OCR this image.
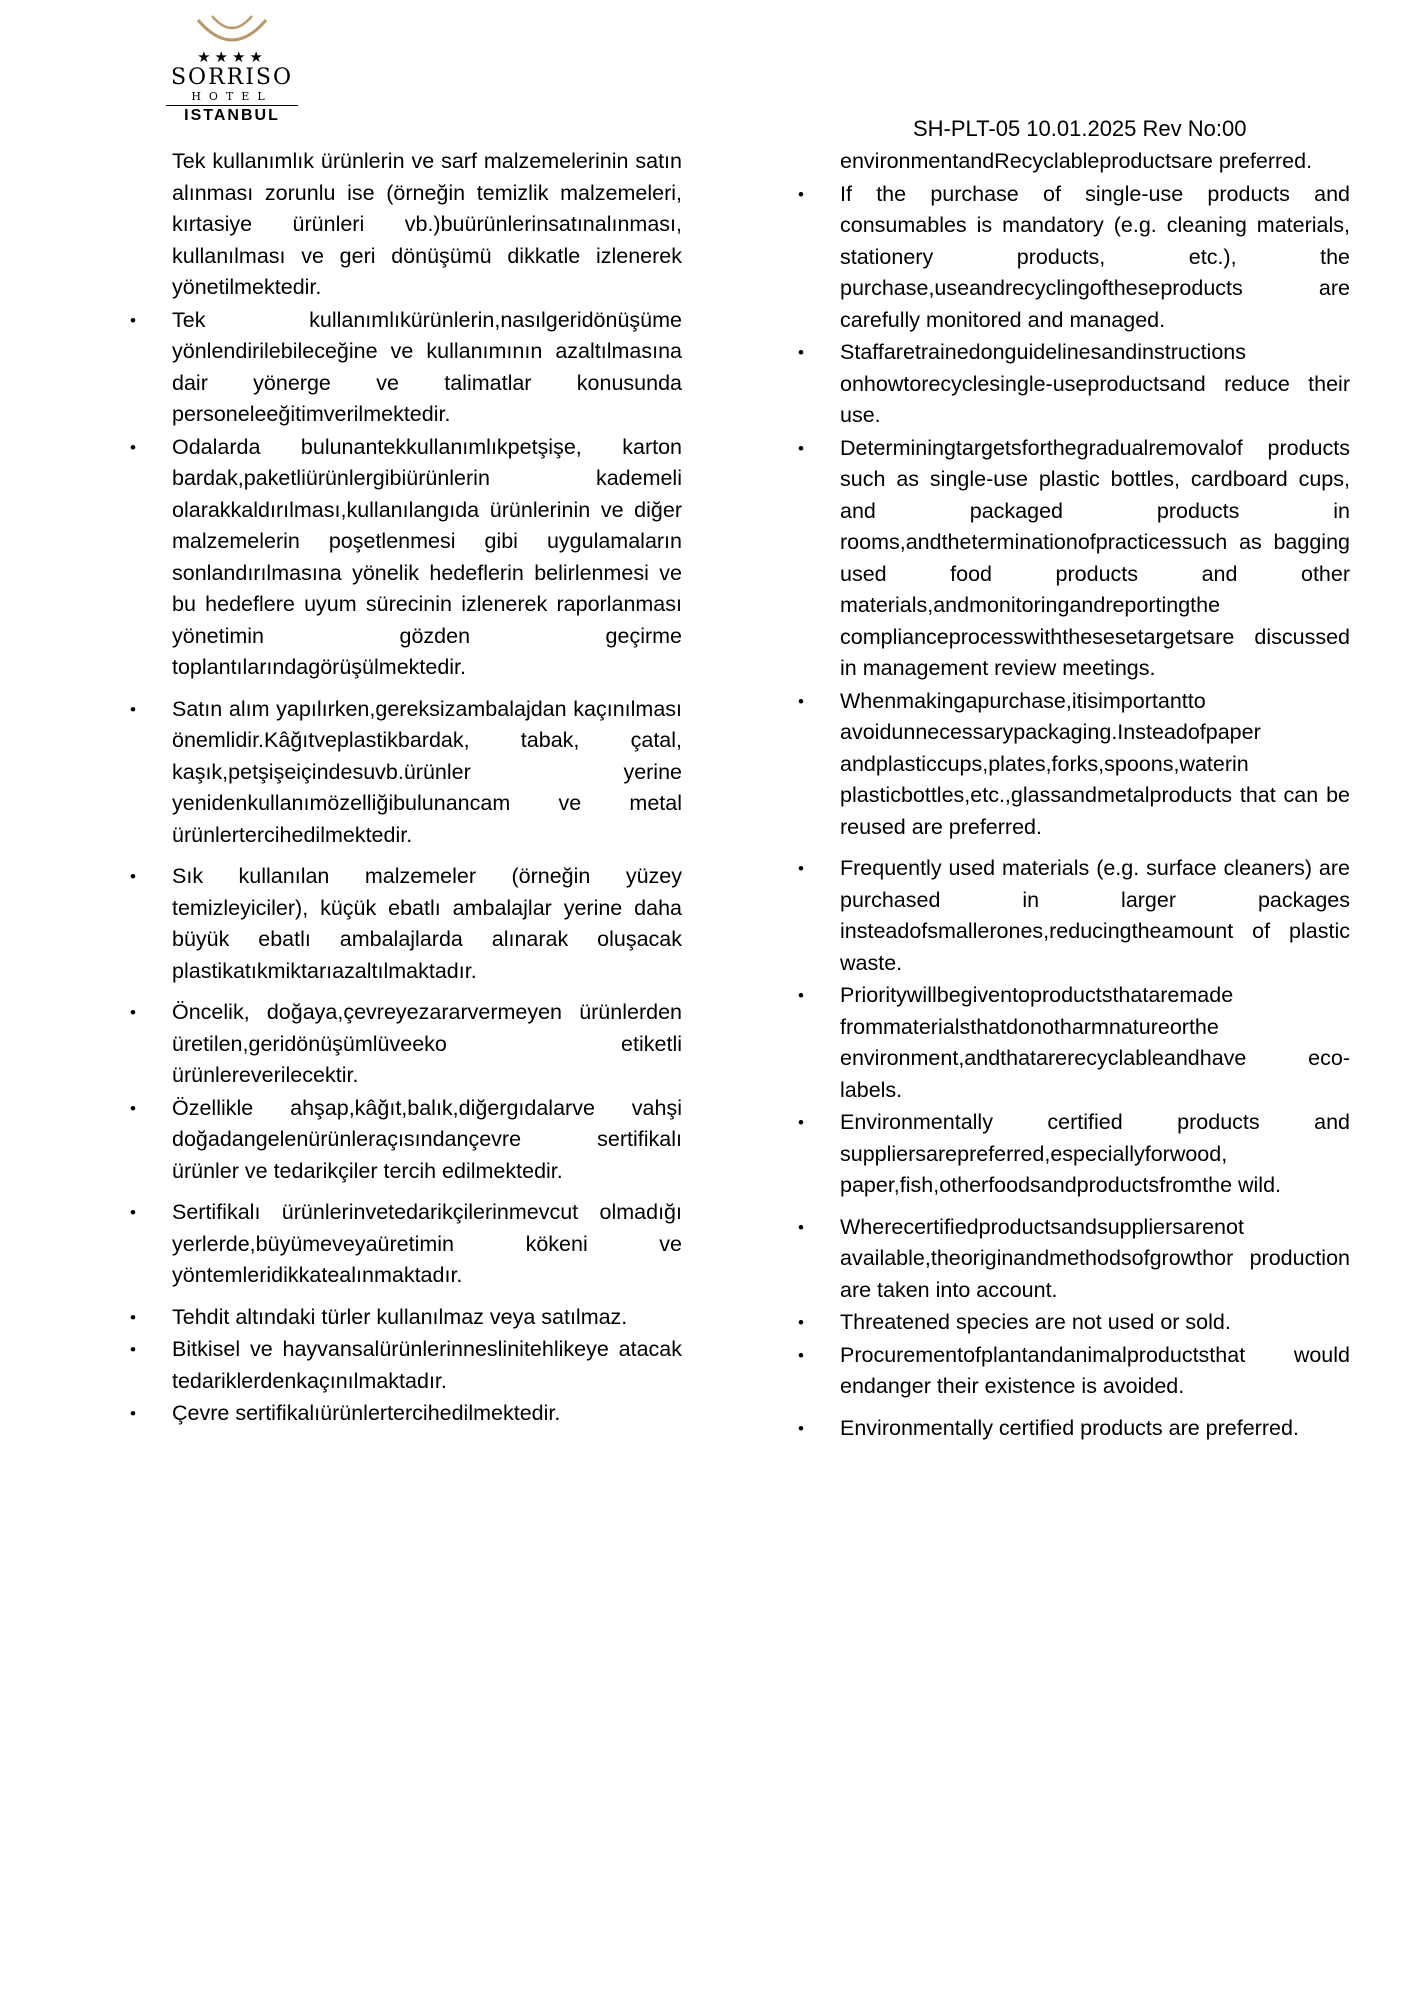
★★★★
SORRISO
HOTEL
ISTANBUL
SH-PLT-05 10.01.2025 Rev No:00

Tek kullanımlık ürünlerin ve sarf malzemelerinin satın alınması zorunlu ise (örneğin temizlik malzemeleri, kırtasiye ürünleri vb.)buürünlerinsatınalınması, kullanılması ve geri dönüşümü dikkatle izlenerek yönetilmektedir.

• Tek kullanımlıkürünlerin,nasılgeridönüşüme yönlendirilebileceğine ve kullanımının azaltılmasına dair yönerge ve talimatlar konusunda personeleeğitimverilmektedir.

• Odalarda bulunantekkullanımlıkpetşişe, karton bardak,paketliürünlergibiürünlerin kademeli olarakkaldırılması,kullanılangıda ürünlerinin ve diğer malzemelerin poşetlenmesi gibi uygulamaların sonlandırılmasına yönelik hedeflerin belirlenmesi ve bu hedeflere uyum sürecinin izlenerek raporlanması yönetimin gözden geçirme toplantılarındagörüşülmektedir.

• Satın alım yapılırken,gereksizambalajdan kaçınılması önemlidir.Kâğıtveplastikbardak, tabak, çatal, kaşık,petşişeiçindesuvb.ürünler yerine yenidenkullanımözelliğibulunancam ve metal ürünlertercihedilmektedir.

• Sık kullanılan malzemeler (örneğin yüzey temizleyiciler), küçük ebatlı ambalajlar yerine daha büyük ebatlı ambalajlarda alınarak oluşacak plastikatıkmiktarıazaltılmaktadır.

• Öncelik, doğaya,çevreyezararvermeyen ürünlerden üretilen,geridönüşümlüveeko etiketli ürünlereverilecektir.

• Özellikle ahşap,kâğıt,balık,diğergıdalarve vahşi doğadangelenürünleraçısındançevre sertifikalı ürünler ve tedarikçiler tercih edilmektedir.

• Sertifikalı ürünlerinvetedarikçilerinmevcut olmadığı yerlerde,büyümeveyaüretimin kökeni ve yöntemleridikkatealınmaktadır.

• Tehdit altındaki türler kullanılmaz veya satılmaz.

• Bitkisel ve hayvansalürünlerinneslinitehlikeye atacak tedariklerdenkaçınılmaktadır.

• Çevre sertifikalıürünlertercihedilmektedir.

environmentandRecyclableproductsare preferred.

• If the purchase of single-use products and consumables is mandatory (e.g. cleaning materials, stationery products, etc.), the purchase,useandrecyclingoftheseproducts are carefully monitored and managed.

• Staffaretrainedonguidelinesandinstructions onhowtorecyclesingle-useproductsand reduce their use.

• Determiningtargetsforthegradualremovalof products such as single-use plastic bottles, cardboard cups, and packaged products in rooms,andtheterminationofpracticessuch as bagging used food products and other materials,andmonitoringandreportingthe complianceprocesswiththesesetargetsare discussed in management review meetings.

• Whenmakingapurchase,itisimportantto avoidunnecessarypackaging.Insteadofpaper andplasticcups,plates,forks,spoons,waterin plasticbottles,etc.,glassandmetalproducts that can be reused are preferred.

• Frequently used materials (e.g. surface cleaners) are purchased in larger packages insteadofsmallerones,reducingtheamount of plastic waste.

• Prioritywillbegiventoproductsthataremade frommaterialsthatdonotharmnatureorthe environment,andthatarerecyclableandhave eco-labels.

• Environmentally certified products and suppliersarepreferred,especiallyforwood, paper,fish,otherfoodsandproductsfromthe wild.

• Wherecertifiedproductsandsuppliersarenot available,theoriginandmethodsofgrowthor production are taken into account.

• Threatened species are not used or sold.

• Procurementofplantandanimalproductsthat would endanger their existence is avoided.

• Environmentally certified products are preferred.
